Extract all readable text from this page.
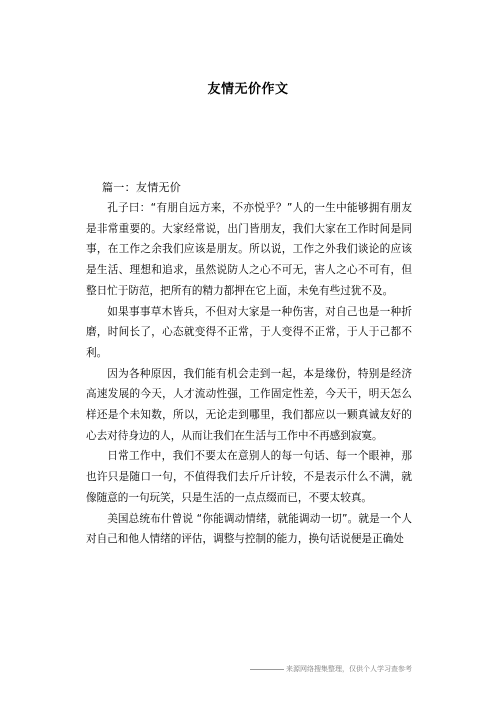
友情无价作文
篇一：友情无价

孔子曰：“有朋自远方来，不亦悦乎？”人的一生中能够拥有朋友是非常重要的。大家经常说，出门皆朋友，我们大家在工作时间是同事，在工作之余我们应该是朋友。所以说，工作之外我们谈论的应该是生活、理想和追求，虽然说防人之心不可无，害人之心不可有，但整日忙于防范，把所有的精力都押在它上面，未免有些过犹不及。

如果事事草木皆兵，不但对大家是一种伤害，对自己也是一种折磨，时间长了，心态就变得不正常，于人变得不正常，于人于己都不利。

因为各种原因，我们能有机会走到一起，本是缘份，特别是经济高速发展的今天，人才流动性强，工作固定性差，今天干，明天怎么样还是个未知数，所以，无论走到哪里，我们都应以一颗真诚友好的心去对待身边的人，从而让我们在生活与工作中不再感到寂寞。

日常工作中，我们不要太在意别人的每一句话、每一个眼神，那也许只是随口一句，不值得我们去斤斤计较，不是表示什么不满，就像随意的一句玩笑，只是生活的一点点缀而已，不要太较真。

美国总统布什曾说 “你能调动情绪，就能调动一切”。就是一个人对自己和他人情绪的评估，调整与控制的能力，换句话说便是正确处

来源网络搜集整理，仅供个人学习查参考
